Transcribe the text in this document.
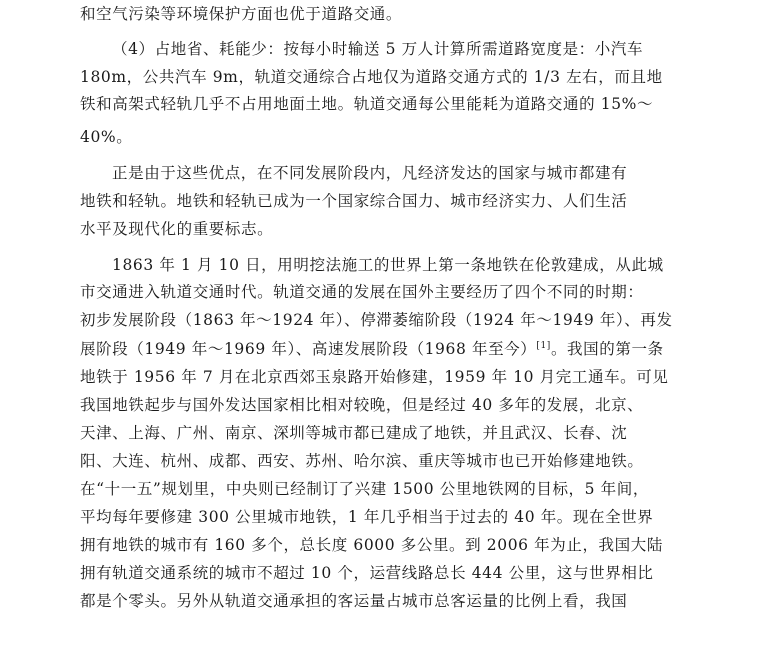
和空气污染等环境保护方面也优于道路交通。
（4）占地省、耗能少：按每小时输送 5 万人计算所需道路宽度是：小汽车
180m，公共汽车 9m，轨道交通综合占地仅为道路交通方式的 1/3 左右，而且地
铁和高架式轻轨几乎不占用地面土地。轨道交通每公里能耗为道路交通的 15%～
40%。
正是由于这些优点，在不同发展阶段内，凡经济发达的国家与城市都建有
地铁和轻轨。地铁和轻轨已成为一个国家综合国力、城市经济实力、人们生活
水平及现代化的重要标志。
1863 年 1 月 10 日，用明挖法施工的世界上第一条地铁在伦敦建成，从此城
市交通进入轨道交通时代。轨道交通的发展在国外主要经历了四个不同的时期：
初步发展阶段（1863 年～1924 年）、停滞萎缩阶段（1924 年～1949 年）、再发
展阶段（1949 年～1969 年）、高速发展阶段（1968 年至今）[1]。我国的第一条
地铁于 1956 年 7 月在北京西郊玉泉路开始修建，1959 年 10 月完工通车。可见
我国地铁起步与国外发达国家相比相对较晚，但是经过 40 多年的发展，北京、
天津、上海、广州、南京、深圳等城市都已建成了地铁，并且武汉、长春、沈
阳、大连、杭州、成都、西安、苏州、哈尔滨、重庆等城市也已开始修建地铁。
在“十一五”规划里，中央则已经制订了兴建 1500 公里地铁网的目标，5 年间，
平均每年要修建 300 公里城市地铁，1 年几乎相当于过去的 40 年。现在全世界
拥有地铁的城市有 160 多个，总长度 6000 多公里。到 2006 年为止，我国大陆
拥有轨道交通系统的城市不超过 10 个，运营线路总长 444 公里，这与世界相比
都是个零头。另外从轨道交通承担的客运量占城市总客运量的比例上看，我国
